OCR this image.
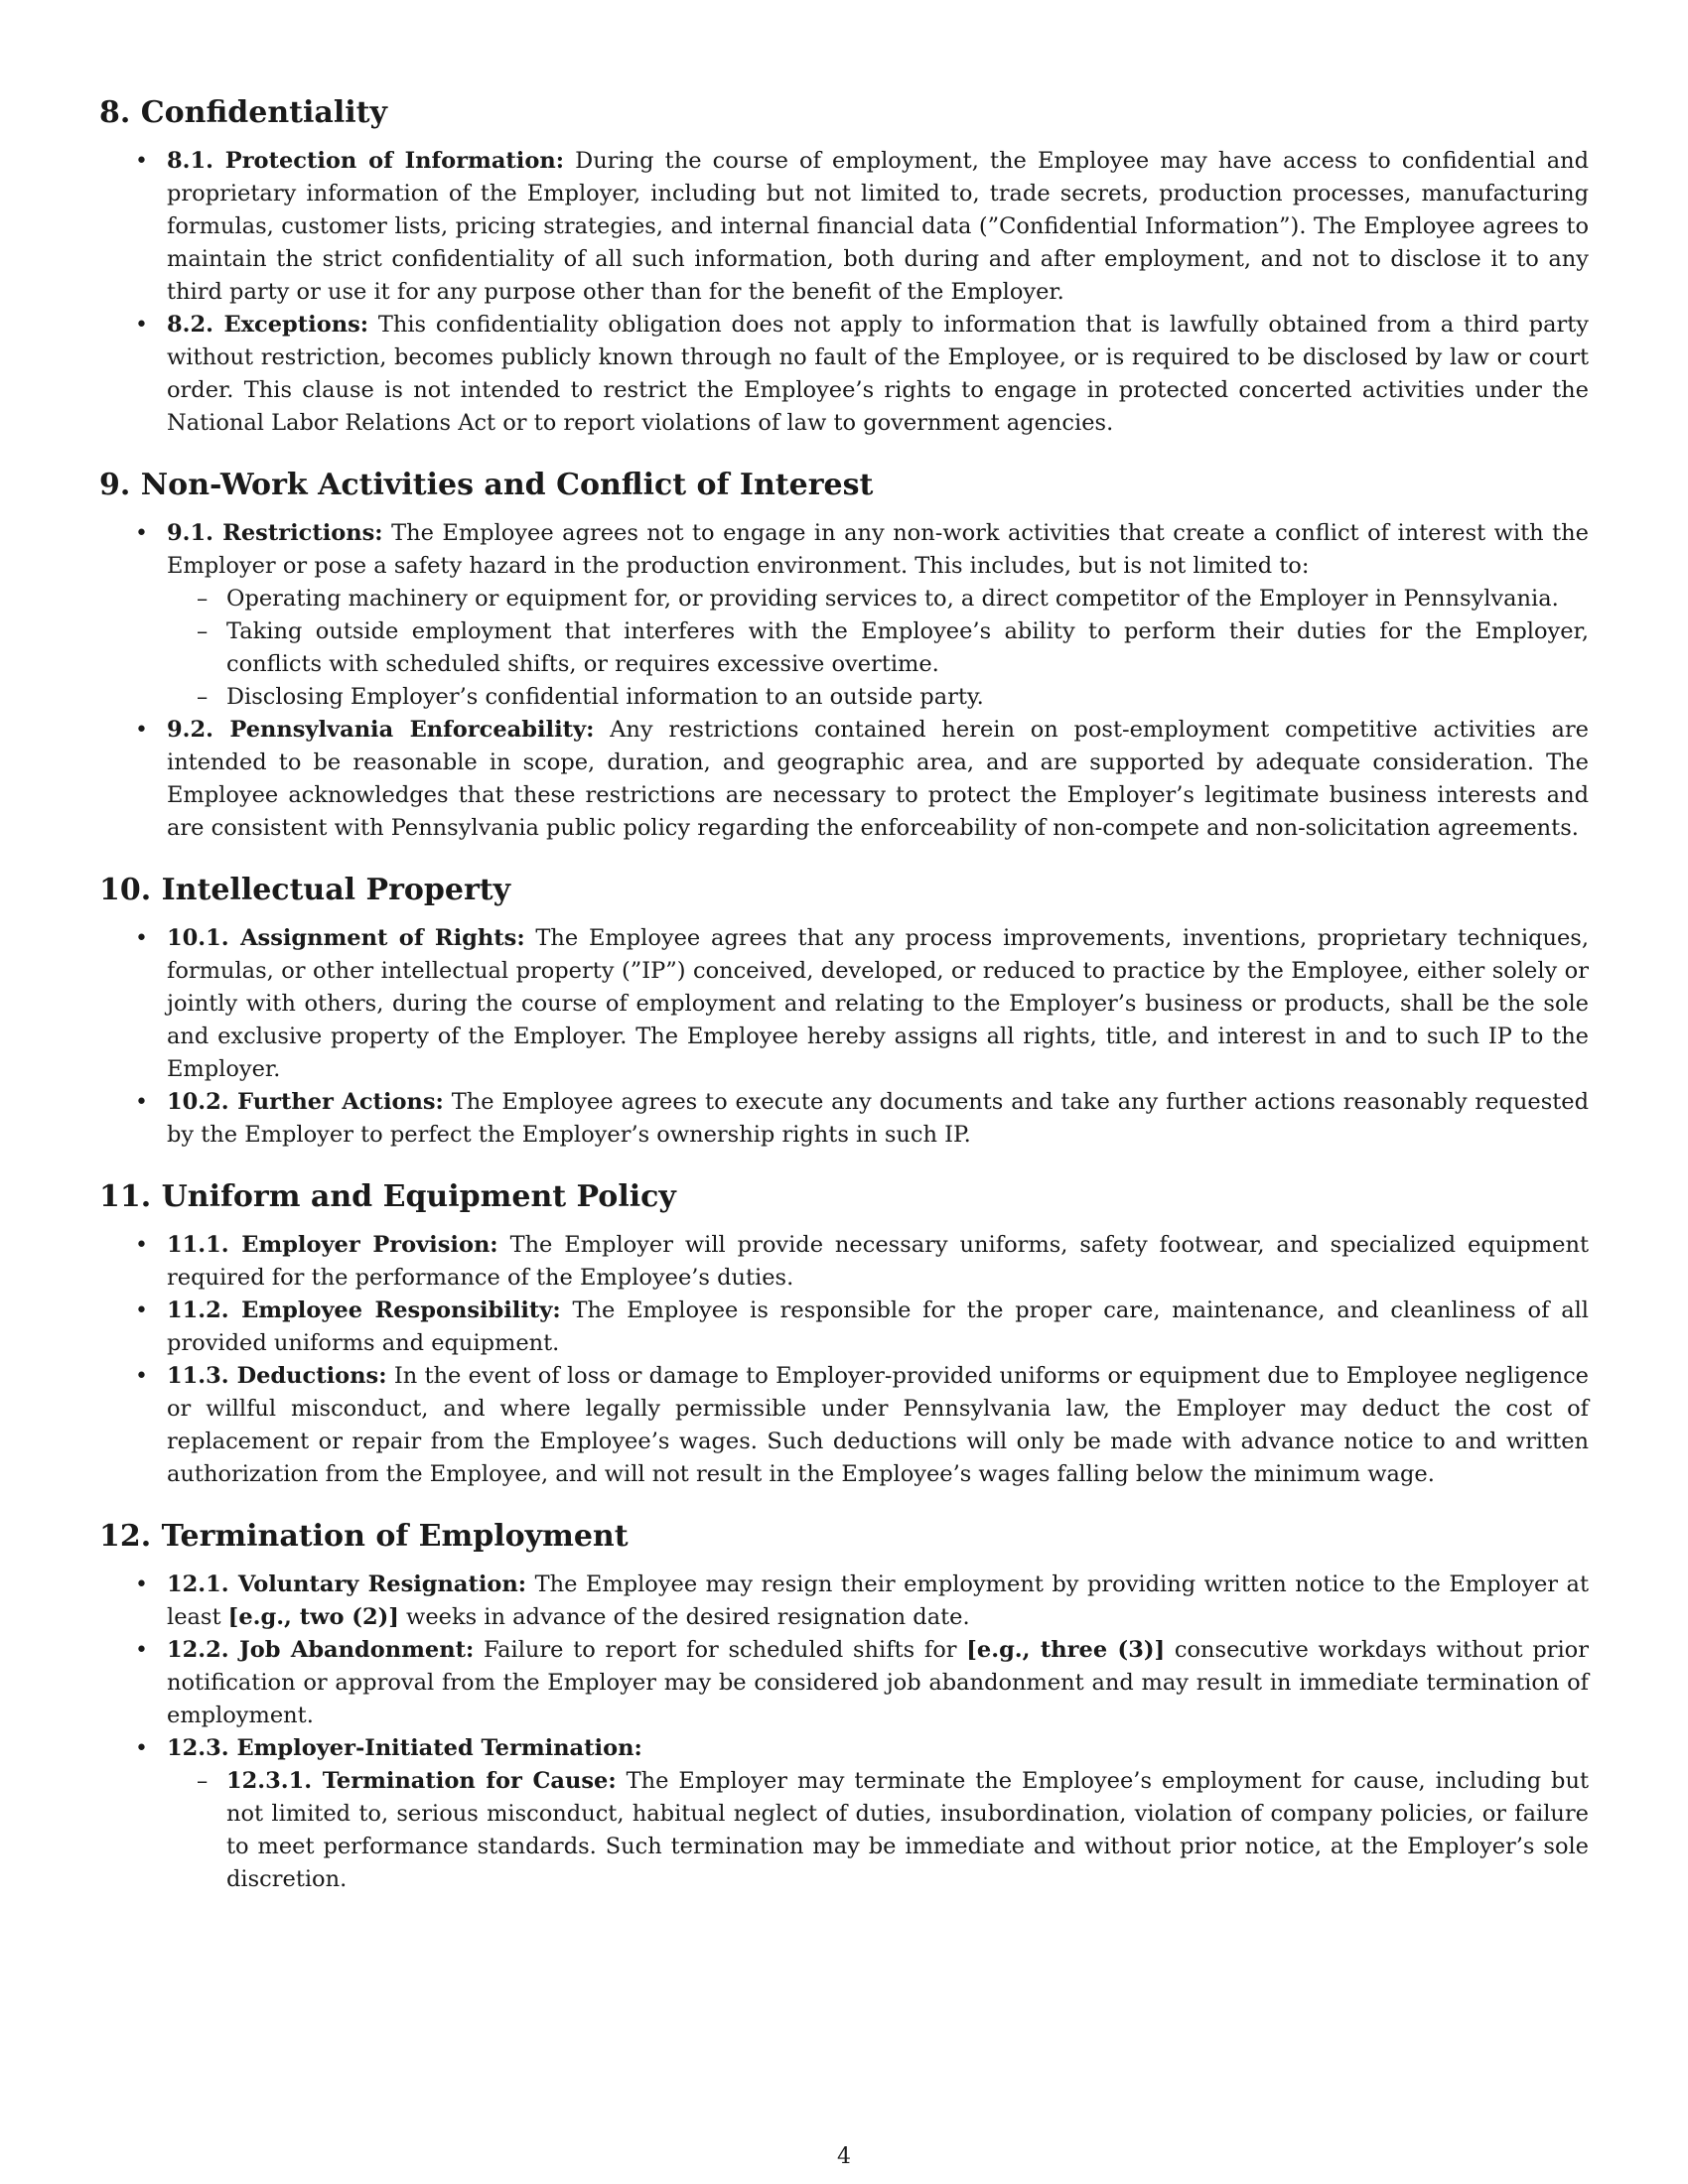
8. Confidentiality
• 8.1. Protection of Information: During the course of employment, the Employee may have access to confidential and proprietary information of the Employer, including but not limited to, trade secrets, production processes, manufacturing formulas, customer lists, pricing strategies, and internal financial data (”Confidential Information”). The Employee agrees to maintain the strict confidentiality of all such information, both during and after employment, and not to disclose it to any third party or use it for any purpose other than for the benefit of the Employer.
• 8.2. Exceptions: This confidentiality obligation does not apply to information that is lawfully obtained from a third party without restriction, becomes publicly known through no fault of the Employee, or is required to be disclosed by law or court order. This clause is not intended to restrict the Employee’s rights to engage in protected concerted activities under the National Labor Relations Act or to report violations of law to government agencies.
9. Non-Work Activities and Conflict of Interest
• 9.1. Restrictions: The Employee agrees not to engage in any non-work activities that create a conflict of interest with the Employer or pose a safety hazard in the production environment. This includes, but is not limited to:
– Operating machinery or equipment for, or providing services to, a direct competitor of the Employer in Pennsylvania.
– Taking outside employment that interferes with the Employee’s ability to perform their duties for the Employer, conflicts with scheduled shifts, or requires excessive overtime.
– Disclosing Employer’s confidential information to an outside party.
• 9.2. Pennsylvania Enforceability: Any restrictions contained herein on post-employment competitive activities are intended to be reasonable in scope, duration, and geographic area, and are supported by adequate consideration. The Employee acknowledges that these restrictions are necessary to protect the Employer’s legitimate business interests and are consistent with Pennsylvania public policy regarding the enforceability of non-compete and non-solicitation agreements.
10. Intellectual Property
• 10.1. Assignment of Rights: The Employee agrees that any process improvements, inventions, proprietary techniques, formulas, or other intellectual property (”IP”) conceived, developed, or reduced to practice by the Employee, either solely or jointly with others, during the course of employment and relating to the Employer’s business or products, shall be the sole and exclusive property of the Employer. The Employee hereby assigns all rights, title, and interest in and to such IP to the Employer.
• 10.2. Further Actions: The Employee agrees to execute any documents and take any further actions reasonably requested by the Employer to perfect the Employer’s ownership rights in such IP.
11. Uniform and Equipment Policy
• 11.1. Employer Provision: The Employer will provide necessary uniforms, safety footwear, and specialized equipment required for the performance of the Employee’s duties.
• 11.2. Employee Responsibility: The Employee is responsible for the proper care, maintenance, and cleanliness of all provided uniforms and equipment.
• 11.3. Deductions: In the event of loss or damage to Employer-provided uniforms or equipment due to Employee negligence or willful misconduct, and where legally permissible under Pennsylvania law, the Employer may deduct the cost of replacement or repair from the Employee’s wages. Such deductions will only be made with advance notice to and written authorization from the Employee, and will not result in the Employee’s wages falling below the minimum wage.
12. Termination of Employment
• 12.1. Voluntary Resignation: The Employee may resign their employment by providing written notice to the Employer at least [e.g., two (2)] weeks in advance of the desired resignation date.
• 12.2. Job Abandonment: Failure to report for scheduled shifts for [e.g., three (3)] consecutive workdays without prior notification or approval from the Employer may be considered job abandonment and may result in immediate termination of employment.
• 12.3. Employer-Initiated Termination:
– 12.3.1. Termination for Cause: The Employer may terminate the Employee’s employment for cause, including but not limited to, serious misconduct, habitual neglect of duties, insubordination, violation of company policies, or failure to meet performance standards. Such termination may be immediate and without prior notice, at the Employer’s sole discretion.
4
